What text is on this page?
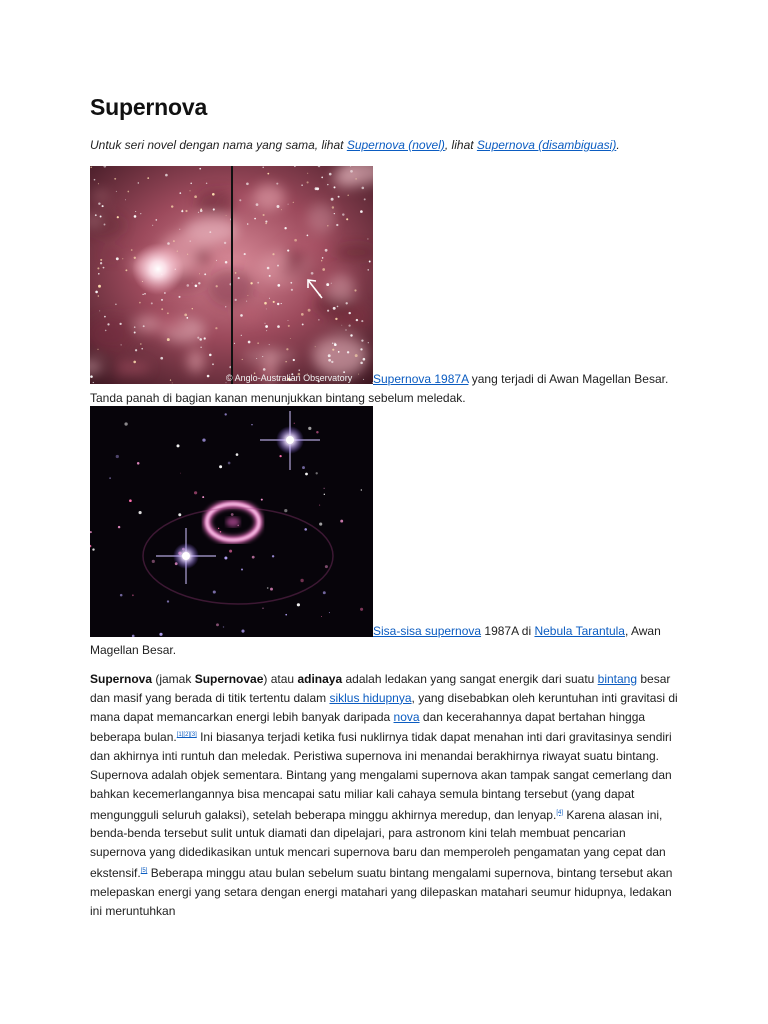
Supernova
Untuk seri novel dengan nama yang sama, lihat Supernova (novel), lihat Supernova (disambiguasi).
© Anglo-Australian Observatory	Supernova 1987A yang terjadi di Awan Magellan Besar. Tanda panah di bagian kanan menunjukkan bintang sebelum meledak.
Sisa-sisa supernova 1987A di Nebula Tarantula, Awan Magellan Besar.

Supernova (jamak Supernovae) atau adinaya adalah ledakan yang sangat energik dari suatu bintang besar dan masif yang berada di titik tertentu dalam siklus hidupnya, yang disebabkan oleh keruntuhan inti gravitasi di mana dapat memancarkan energi lebih banyak daripada nova dan kecerahannya dapat bertahan hingga beberapa bulan.[1][2][3] Ini biasanya terjadi ketika fusi nuklirnya tidak dapat menahan inti dari gravitasinya sendiri dan akhirnya inti runtuh dan meledak. Peristiwa supernova ini menandai berakhirnya riwayat suatu bintang. Supernova adalah objek sementara. Bintang yang mengalami supernova akan tampak sangat cemerlang dan bahkan kecemerlangannya bisa mencapai satu miliar kali cahaya semula bintang tersebut (yang dapat mengungguli seluruh galaksi), setelah beberapa minggu akhirnya meredup, dan lenyap.[4] Karena alasan ini, benda-benda tersebut sulit untuk diamati dan dipelajari, para astronom kini telah membuat pencarian supernova yang didedikasikan untuk mencari supernova baru dan memperoleh pengamatan yang cepat dan ekstensif.[5] Beberapa minggu atau bulan sebelum suatu bintang mengalami supernova, bintang tersebut akan melepaskan energi yang setara dengan energi matahari yang dilepaskan matahari seumur hidupnya, ledakan ini meruntuhkan
